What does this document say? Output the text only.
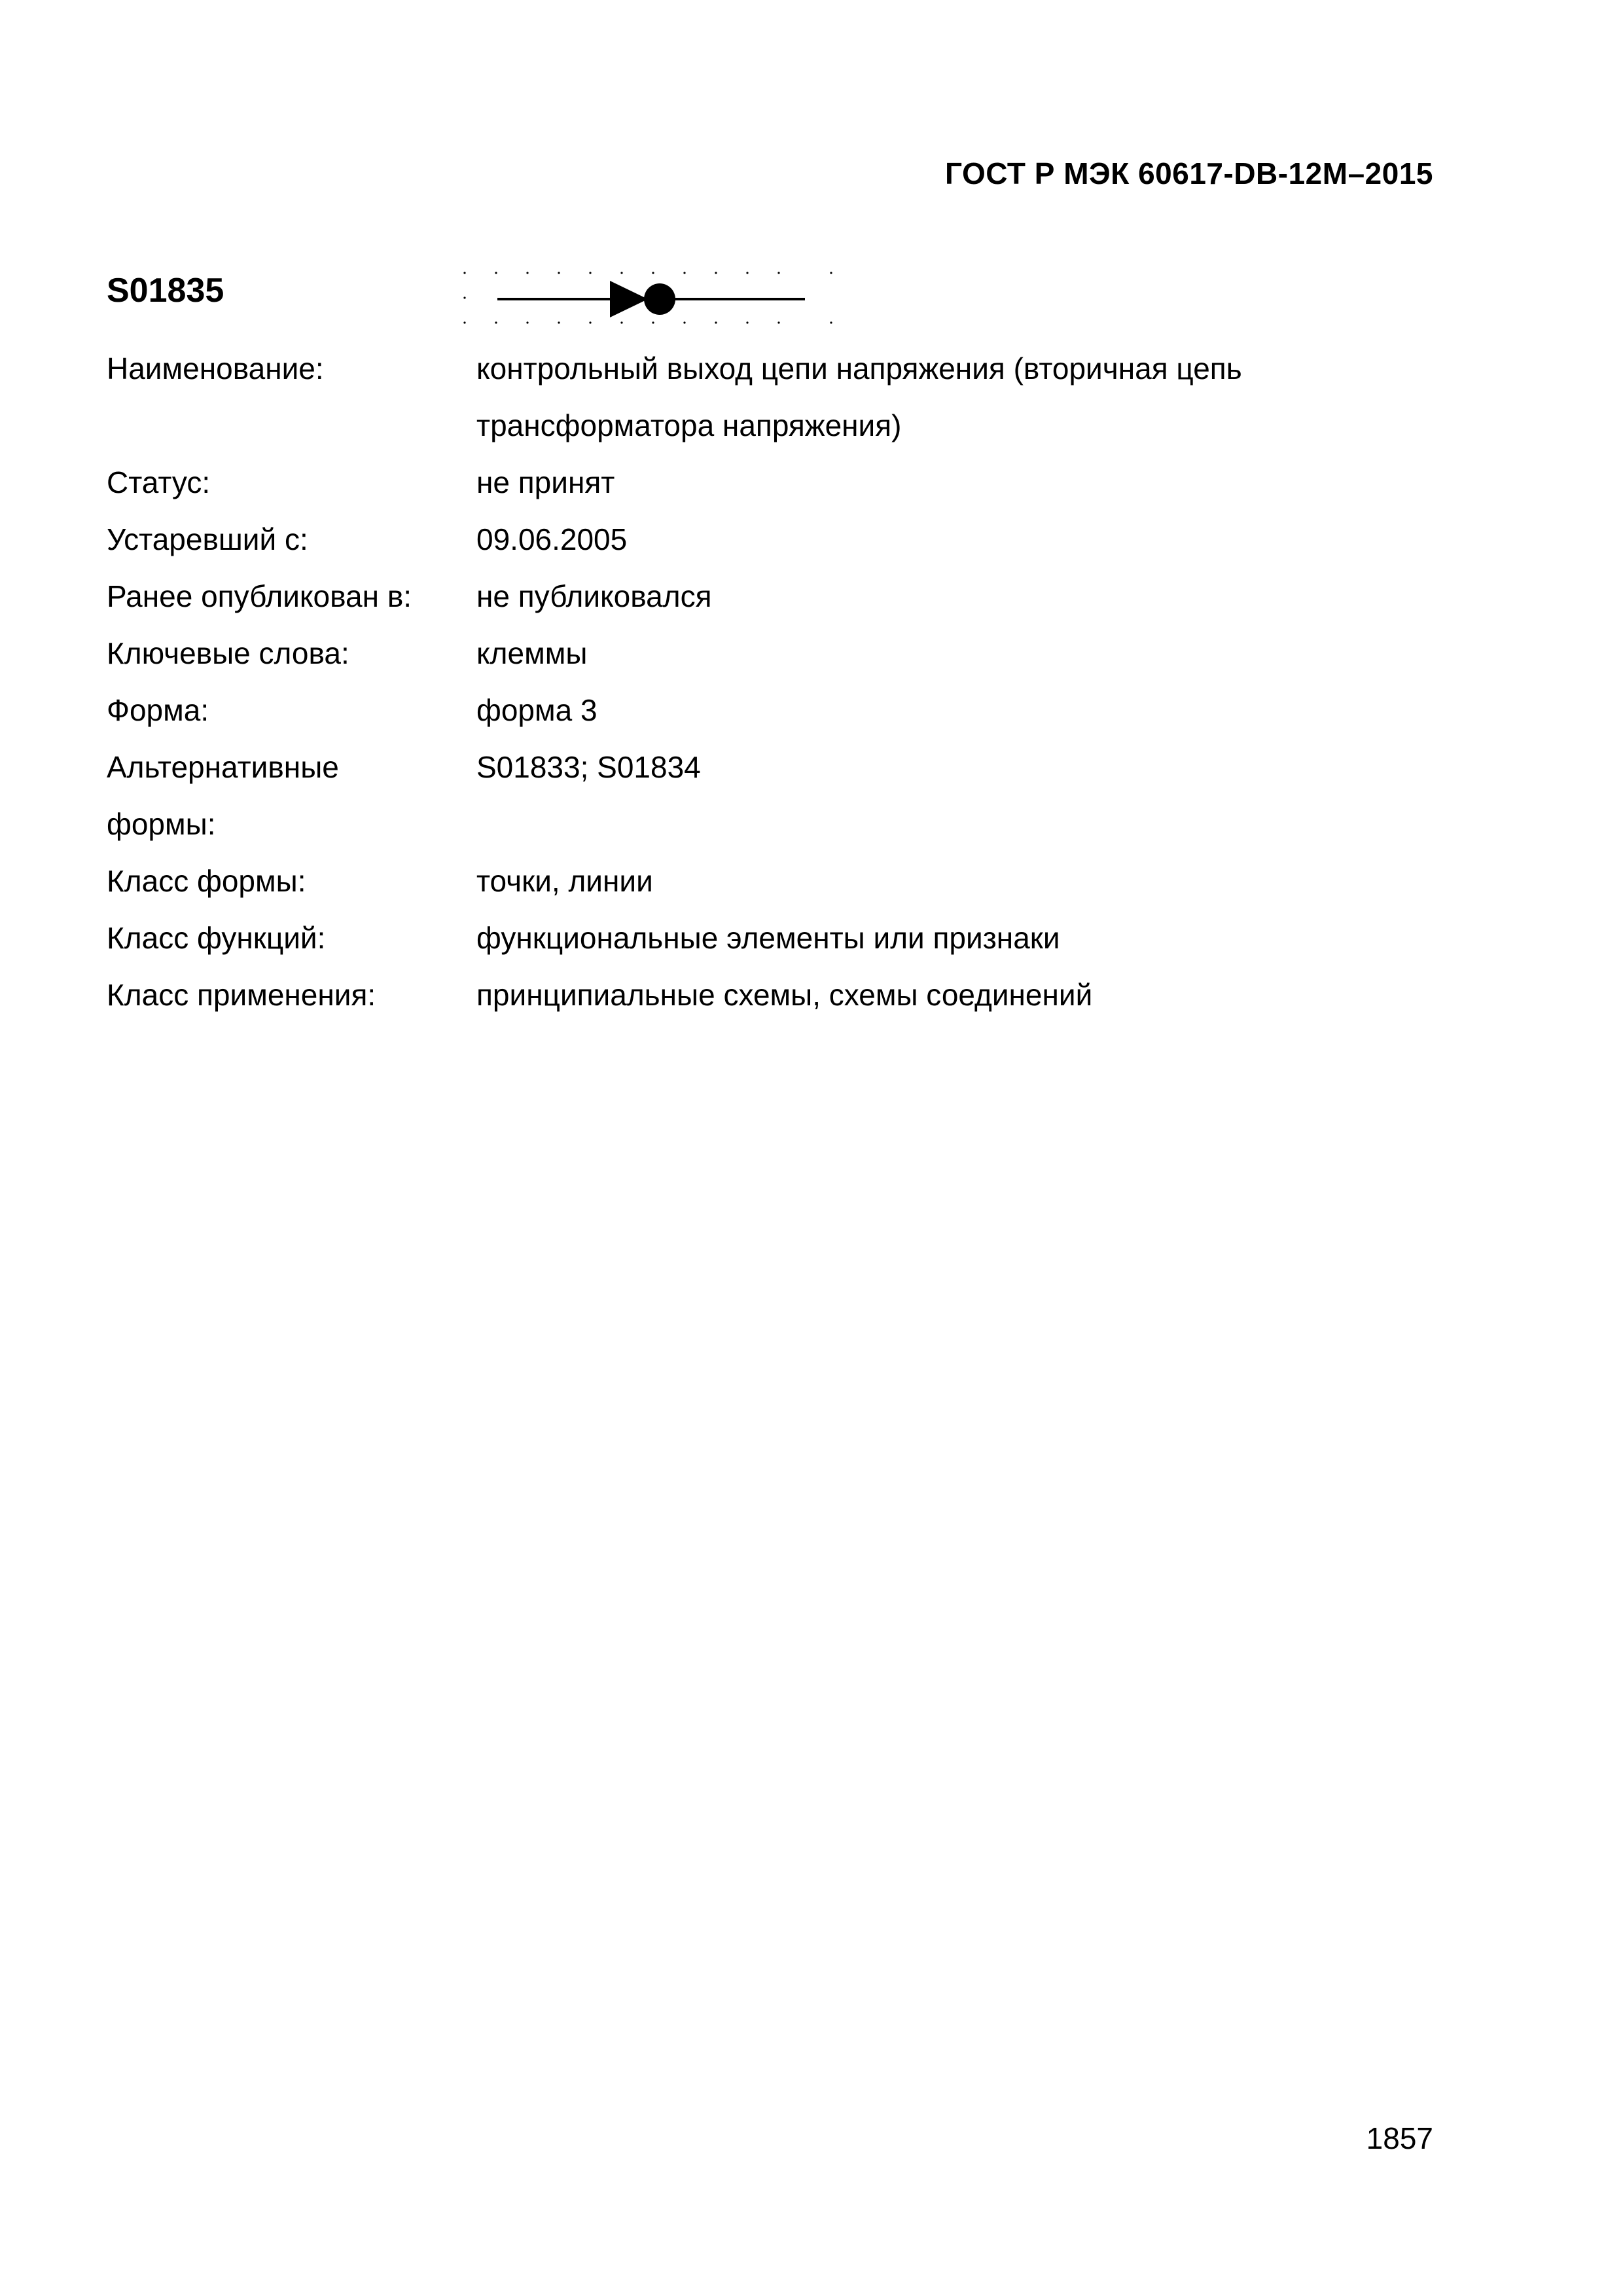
ГОСТ Р МЭК 60617-DB-12M–2015
S01835
Наименование:	контрольный выход цепи напряжения (вторичная цепь трансформатора напряжения)
Статус:	не принят
Устаревший с:	09.06.2005
Ранее опубликован в:	не публиковался
Ключевые слова:	клеммы
Форма:	форма 3
Альтернативные формы:
S01833; S01834
Класс формы:	точки, линии
Класс функций:	функциональные элементы или признаки
Класс применения:	принципиальные схемы, схемы соединений
1857
